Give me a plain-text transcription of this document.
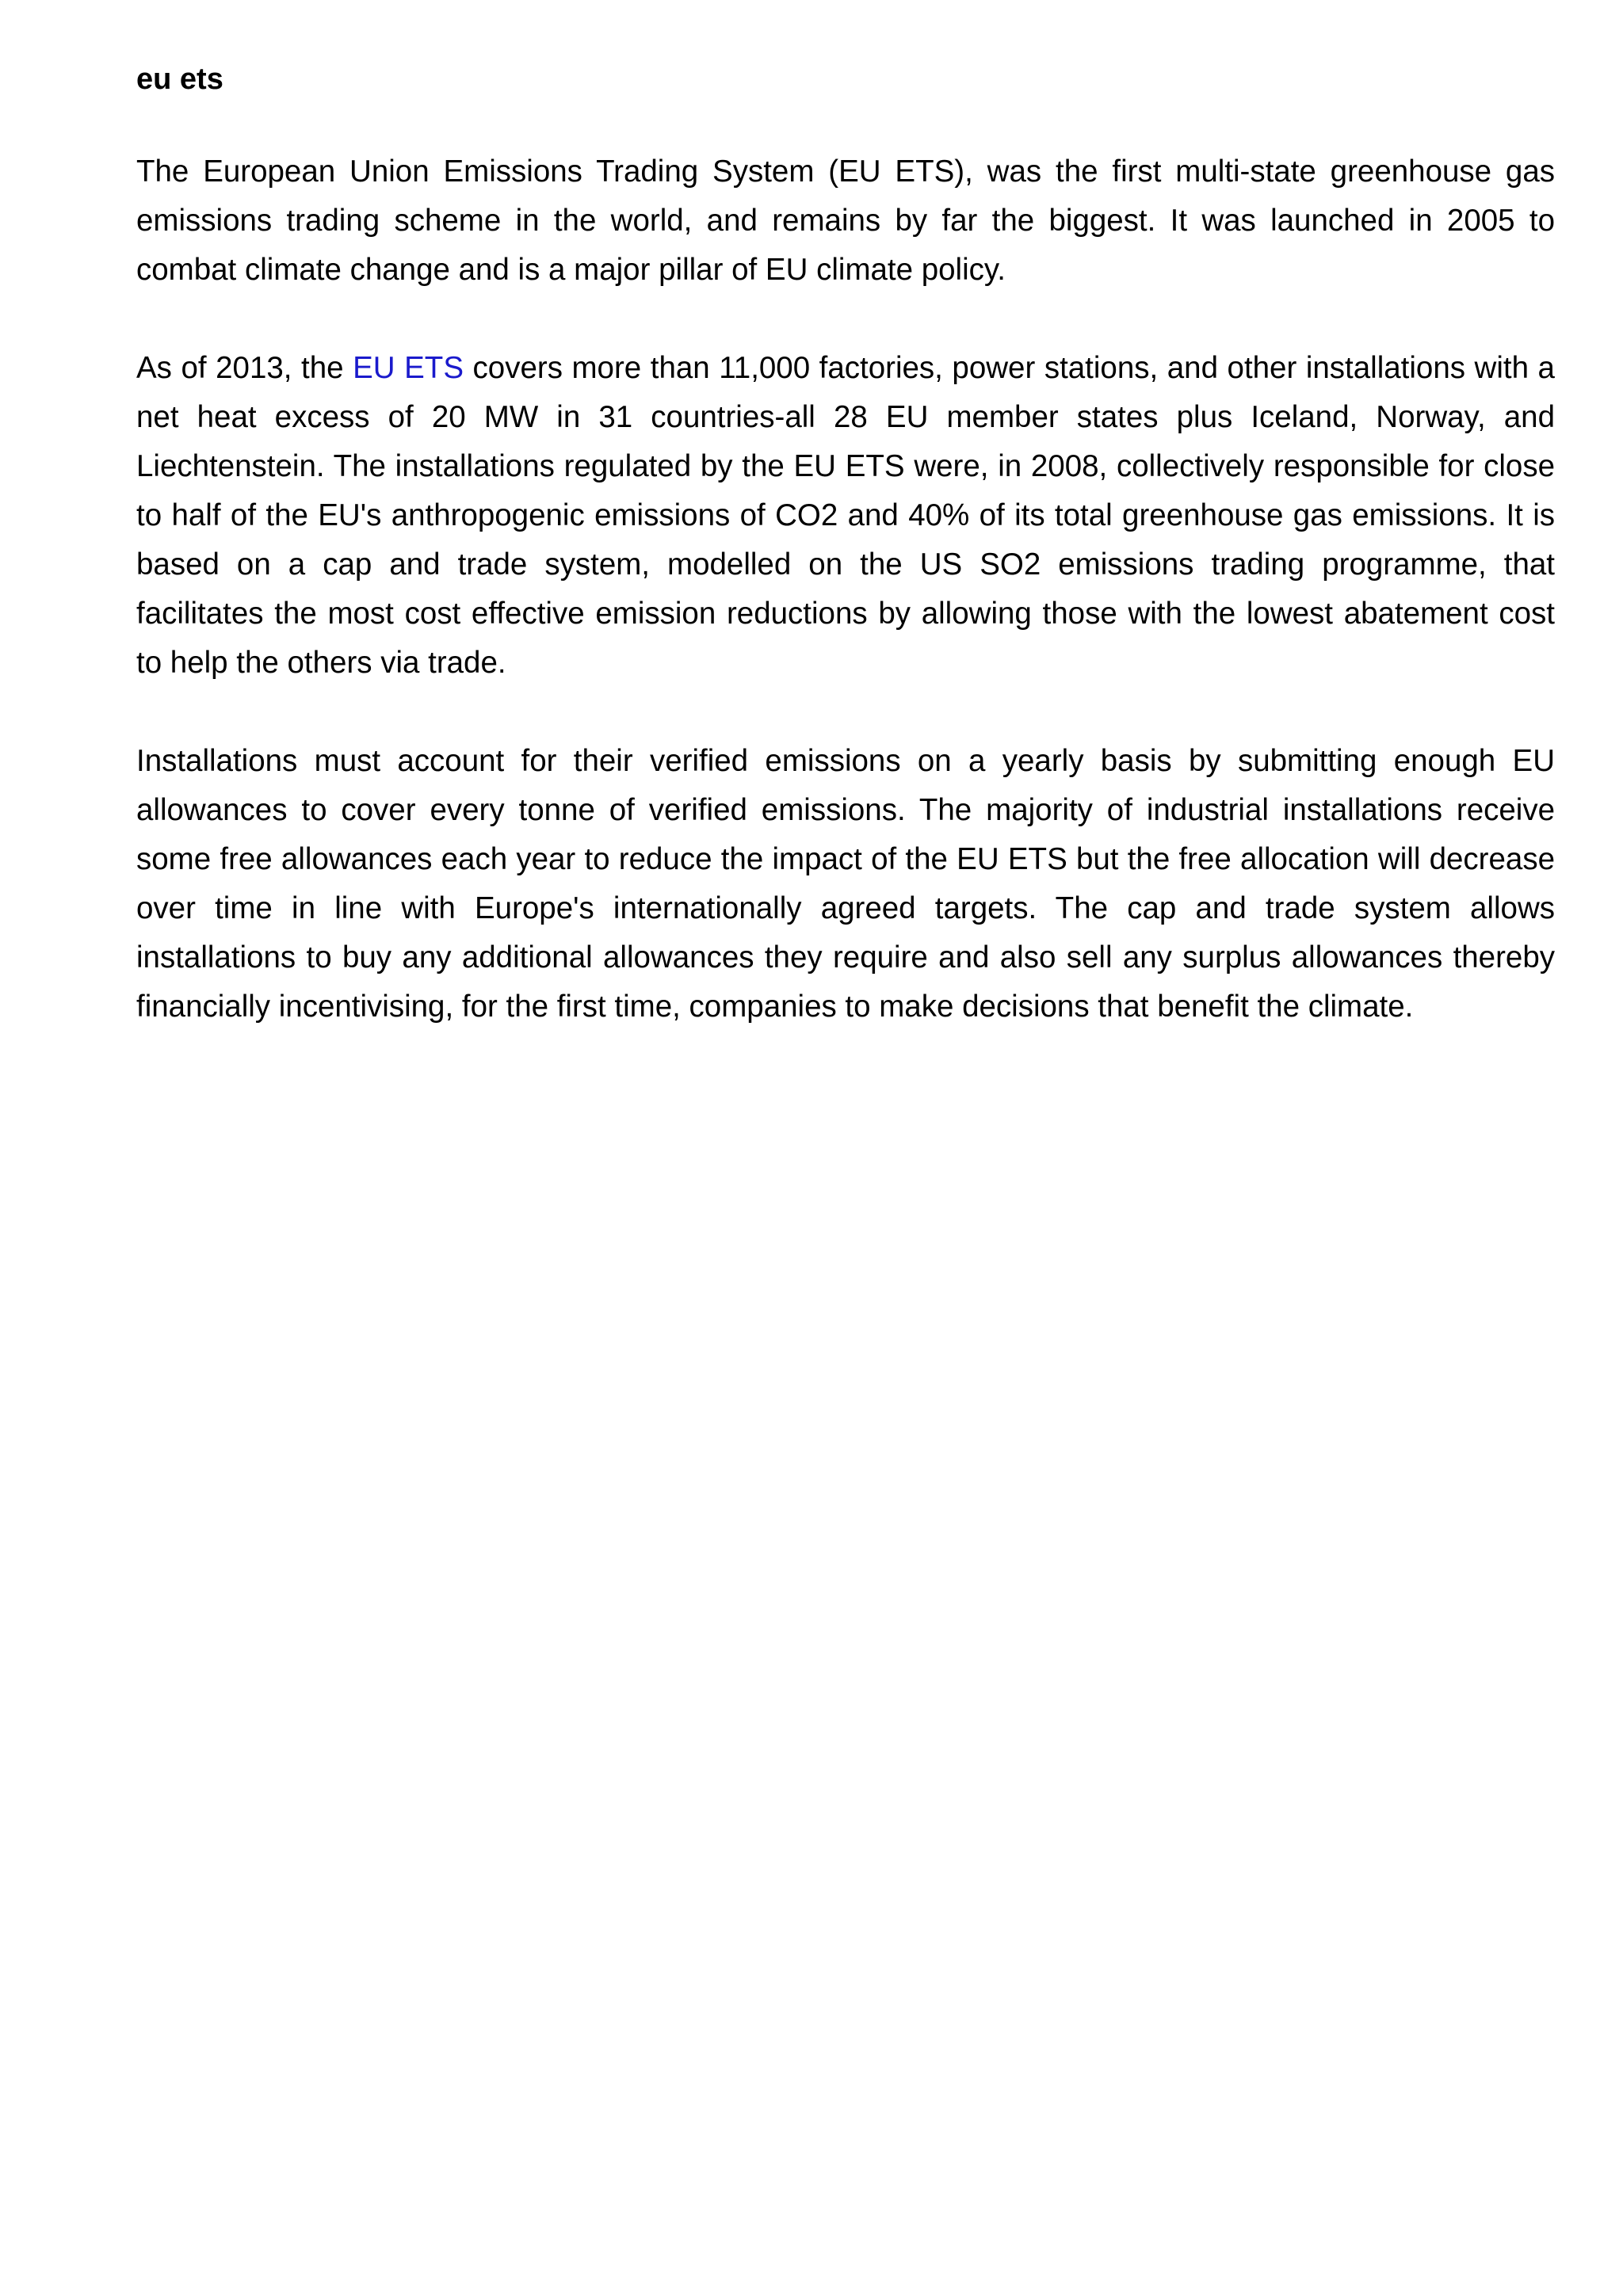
eu ets

The European Union Emissions Trading System (EU ETS), was the first multi-state greenhouse gas emissions trading scheme in the world, and remains by far the biggest. It was launched in 2005 to combat climate change and is a major pillar of EU climate policy.

As of 2013, the EU ETS covers more than 11,000 factories, power stations, and other installations with a net heat excess of 20 MW in 31 countries-all 28 EU member states plus Iceland, Norway, and Liechtenstein. The installations regulated by the EU ETS were, in 2008, collectively responsible for close to half of the EU's anthropogenic emissions of CO2 and 40% of its total greenhouse gas emissions. It is based on a cap and trade system, modelled on the US SO2 emissions trading programme, that facilitates the most cost effective emission reductions by allowing those with the lowest abatement cost to help the others via trade.

Installations must account for their verified emissions on a yearly basis by submitting enough EU allowances to cover every tonne of verified emissions. The majority of industrial installations receive some free allowances each year to reduce the impact of the EU ETS but the free allocation will decrease over time in line with Europe's internationally agreed targets. The cap and trade system allows installations to buy any additional allowances they require and also sell any surplus allowances thereby financially incentivising, for the first time, companies to make decisions that benefit the climate.
